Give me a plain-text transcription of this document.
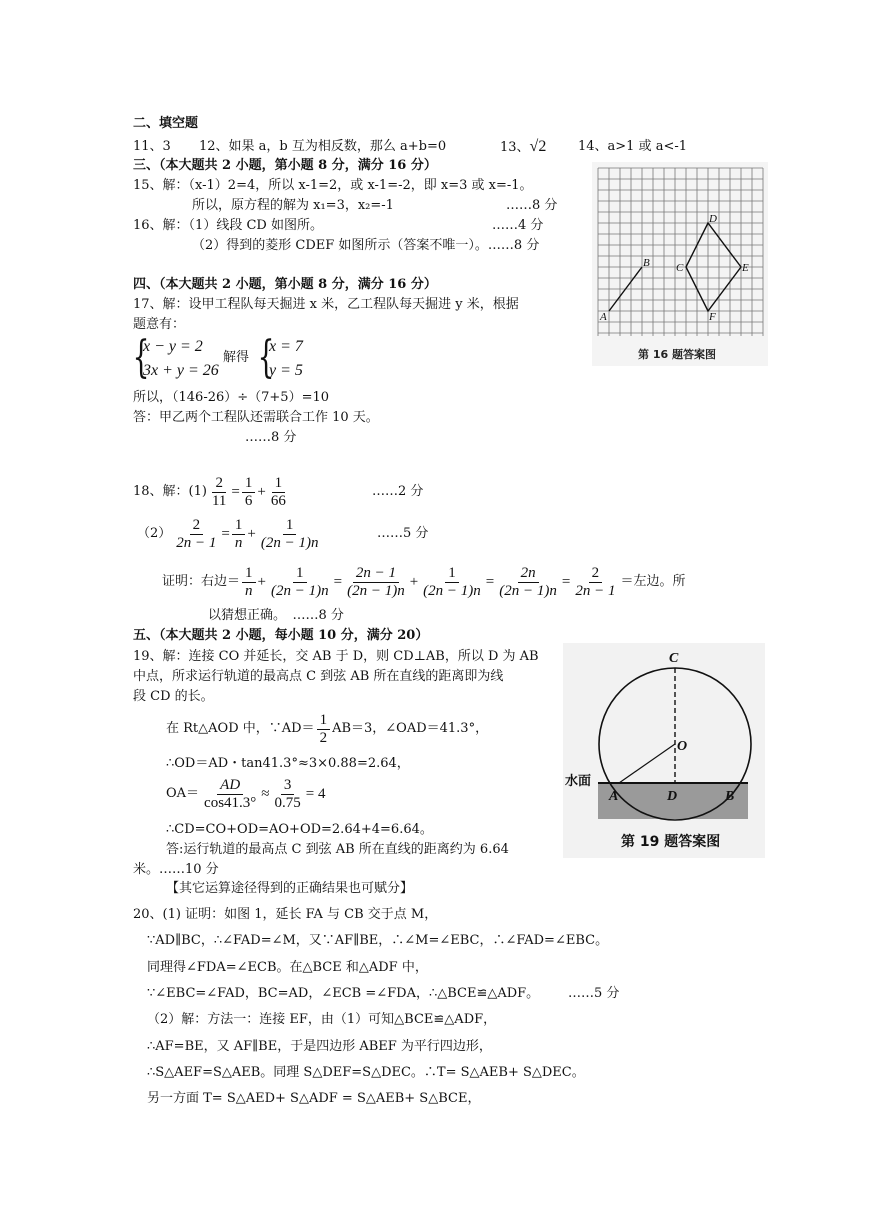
二、填空题
11、3 12、如果 a，b 互为相反数，那么 a+b=0	13、√2 14、a>1 或 a<-1
三、（本大题共 2 小题，第小题 8 分，满分 16 分）
15、解：（x-1）2=4，所以 x-1=2，或 x-1=-2，即 x=3 或 x=-1。
所以，原方程的解为 x₁=3，x₂=-1	……8 分
16、解：（1）线段 CD 如图所。	……4 分
（2）得到的菱形 CDEF 如图所示（答案不唯一）。……8 分
A
B C
D
E
F
第 16 题答案图
四、（本大题共 2 小题，第小题 8 分，满分 16 分）
17、解：设甲工程队每天掘进 x 米，乙工程队每天掘进 y 米，根据
题意有：
{
x − y = 2
3x + y = 26
解得 {
x = 7
y = 5
所以，（146-26）÷（7+5）=10
答：甲乙两个工程队还需联合工作 10 天。
……8 分
18、解：$(1) \frac{2}{11} = \frac{1}{6} + \frac{1}{66}$	……2 分
$(2) \frac{2}{2n - 1} = \frac{1}{n} + \frac{1}{(2n - 1)n}$	……5 分
证明：右边＝ $\frac{1}{n} + \frac{1}{(2n - 1)n} = \frac{2n - 1}{(2n - 1)n} + \frac{1}{(2n - 1)n} = \frac{2n}{(2n - 1)n} = \frac{2}{2n - 1}$ ＝左边。所
以猜想正确。　……8 分
五、（本大题共 2 小题，每小题 10 分，满分 20）
19、解：连接 CO 并延长，交 AB 于 D，则 CD⊥AB，所以 D 为 AB
中点，所求运行轨道的最高点 C 到弦 AB 所在直线的距离即为线
段 CD 的长。
在 Rt△AOD 中，∵AD＝ $\frac{1}{2} AB=3$，∠OAD＝41.3°，
∴OD＝AD・tan41.3°≈3×0.88=2.64，
$OA= \frac{AD}{\cos 41.3^\circ} \approx \frac{3}{0.75} = 4$
∴CD=CO+OD=AO+OD=2.64+4=6.64。
答:运行轨道的最高点 C 到弦 AB 所在直线的距离约为 6.64
米。……10 分
【其它运算途径得到的正确结果也可赋分】
C
O
A	D	B
水面
第 19 题答案图
20、(1) 证明：如图 1，延长 FA 与 CB 交于点 M，
∵AD∥BC，∴∠FAD=∠M，又∵AF∥BE，∴∠M=∠EBC，∴∠FAD=∠EBC。
同理得∠FDA=∠ECB。在△BCE 和△ADF 中，
∵∠EBC=∠FAD，BC=AD，∠ECB =∠FDA，∴△BCE≌△ADF。 ……5 分
（2）解：方法一：连接 EF，由（1）可知△BCE≌△ADF，
∴AF=BE，又 AF∥BE，于是四边形 ABEF 为平行四边形，
∴S△AEF=S△AEB。同理 S△DEF=S△DEC。∴T= S△AEB+ S△DEC。
另一方面 T= S△AED+ S△ADF = S△AEB+ S△BCE，
